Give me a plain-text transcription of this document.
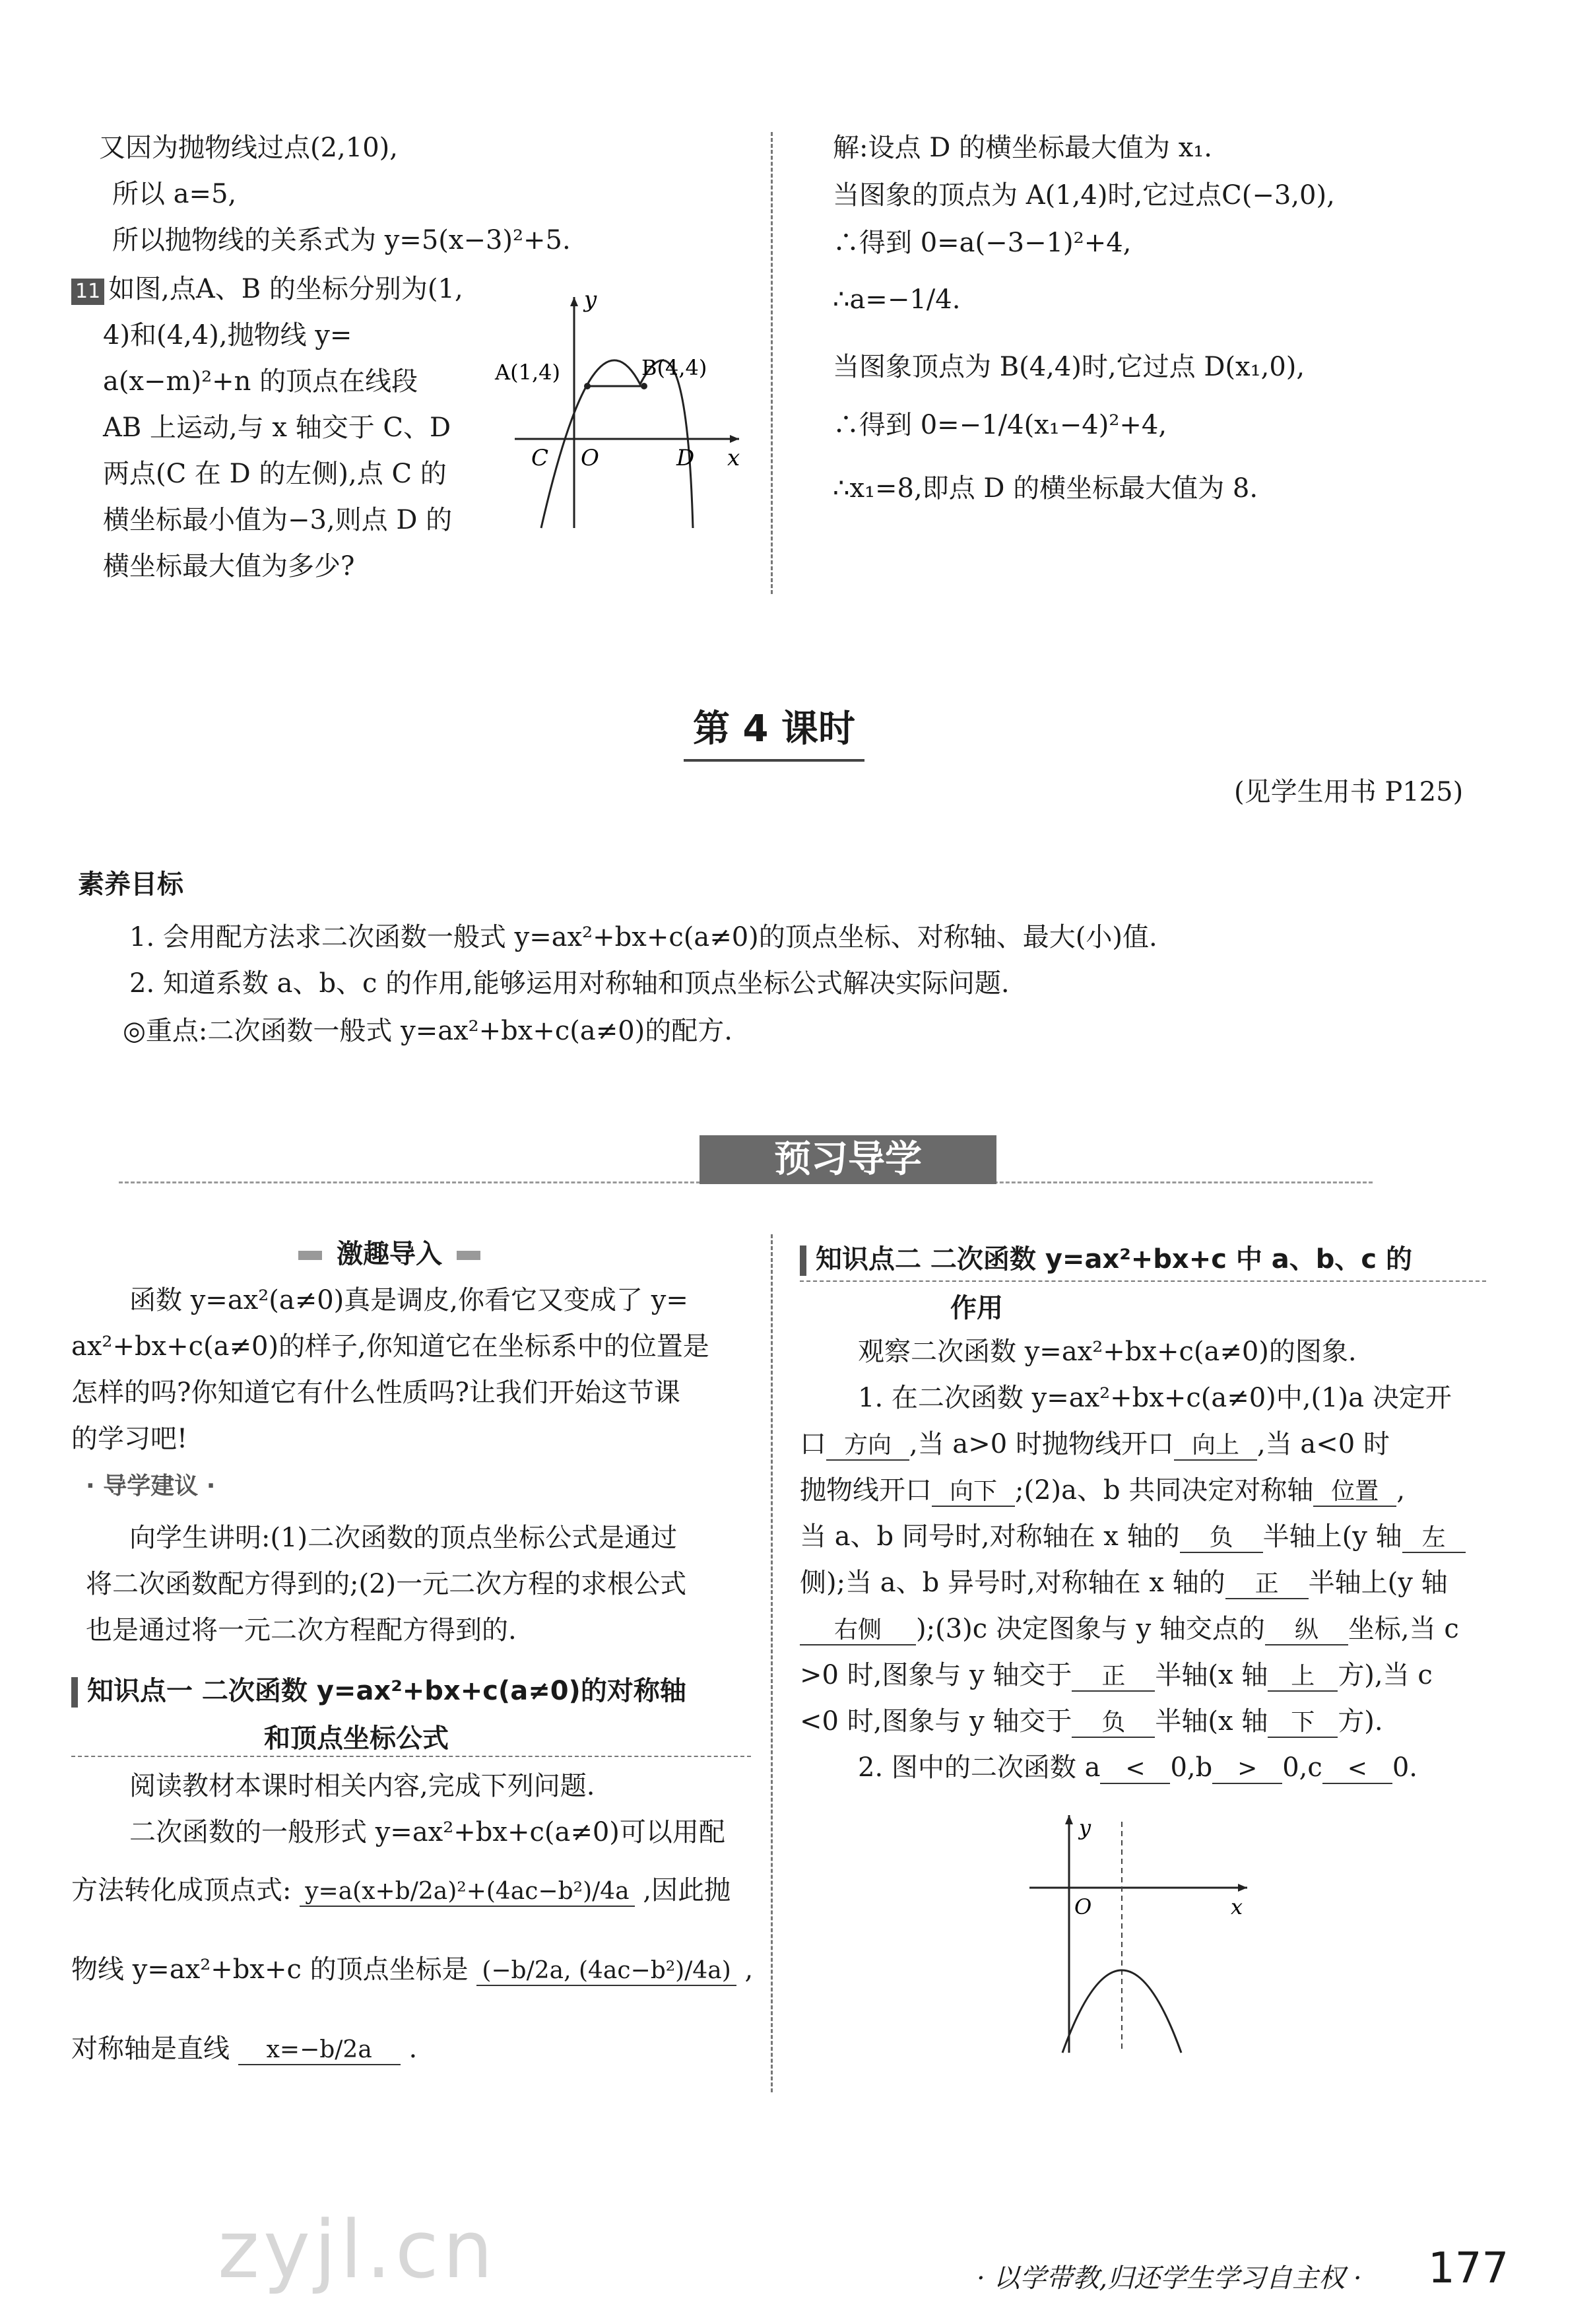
又因为抛物线过点(2,10),
所以 a=5,
所以抛物线的关系式为 y=5(x−3)²+5.
11 如图,点A、B 的坐标分别为(1,
4)和(4,4),抛物线 y=
a(x−m)²+n 的顶点在线段
AB 上运动,与 x 轴交于 C、D
两点(C 在 D 的左侧),点 C 的
横坐标最小值为−3,则点 D 的
横坐标最大值为多少?
y
x
O
C	D
A(1,4)	B(4,4)
解:设点 D 的横坐标最大值为 x₁.
当图象的顶点为 A(1,4)时,它过点C(−3,0),
∴得到 0=a(−3−1)²+4,
∴a=−1/4.
当图象顶点为 B(4,4)时,它过点 D(x₁,0),
∴得到 0=−1/4(x₁−4)²+4,
∴x₁=8,即点 D 的横坐标最大值为 8.
第 4 课时
(见学生用书 P125)
素养目标
1. 会用配方法求二次函数一般式 y=ax²+bx+c(a≠0)的顶点坐标、对称轴、最大(小)值.
2. 知道系数 a、b、c 的作用,能够运用对称轴和顶点坐标公式解决实际问题.
◎重点:二次函数一般式 y=ax²+bx+c(a≠0)的配方.
预习导学
激趣导入
函数 y=ax²(a≠0)真是调皮,你看它又变成了 y=
ax²+bx+c(a≠0)的样子,你知道它在坐标系中的位置是
怎样的吗?你知道它有什么性质吗?让我们开始这节课
的学习吧!
· 导学建议 ·
向学生讲明:(1)二次函数的顶点坐标公式是通过
将二次函数配方得到的;(2)一元二次方程的求根公式
也是通过将一元二次方程配方得到的.
知识点一 二次函数 y=ax²+bx+c(a≠0)的对称轴
和顶点坐标公式
阅读教材本课时相关内容,完成下列问题.
二次函数的一般形式 y=ax²+bx+c(a≠0)可以用配
方法转化成顶点式: y=a(x+b/2a)²+(4ac−b²)/4a ,因此抛
物线 y=ax²+bx+c 的顶点坐标是 (−b/2a, (4ac−b²)/4a) ,
对称轴是直线 x=−b/2a .
知识点二 二次函数 y=ax²+bx+c 中 a、b、c 的
作用
观察二次函数 y=ax²+bx+c(a≠0)的图象.
1. 在二次函数 y=ax²+bx+c(a≠0)中,(1)a 决定开
口 方向 ,当 a>0 时抛物线开口 向上 ,当 a<0 时
抛物线开口 向下 ;(2)a、b 共同决定对称轴 位置 ,
当 a、b 同号时,对称轴在 x 轴的 负 半轴上(y 轴 左
侧);当 a、b 异号时,对称轴在 x 轴的 正 半轴上(y 轴
右侧 );(3)c 决定图象与 y 轴交点的 纵 坐标,当 c
>0 时,图象与 y 轴交于 正 半轴(x 轴 上 方),当 c
<0 时,图象与 y 轴交于 负 半轴(x 轴 下 方).
2. 图中的二次函数 a < 0,b > 0,c < 0.
y
x
O
zyjl.cn	· 以学带教,归还学生学习自主权 · 177
